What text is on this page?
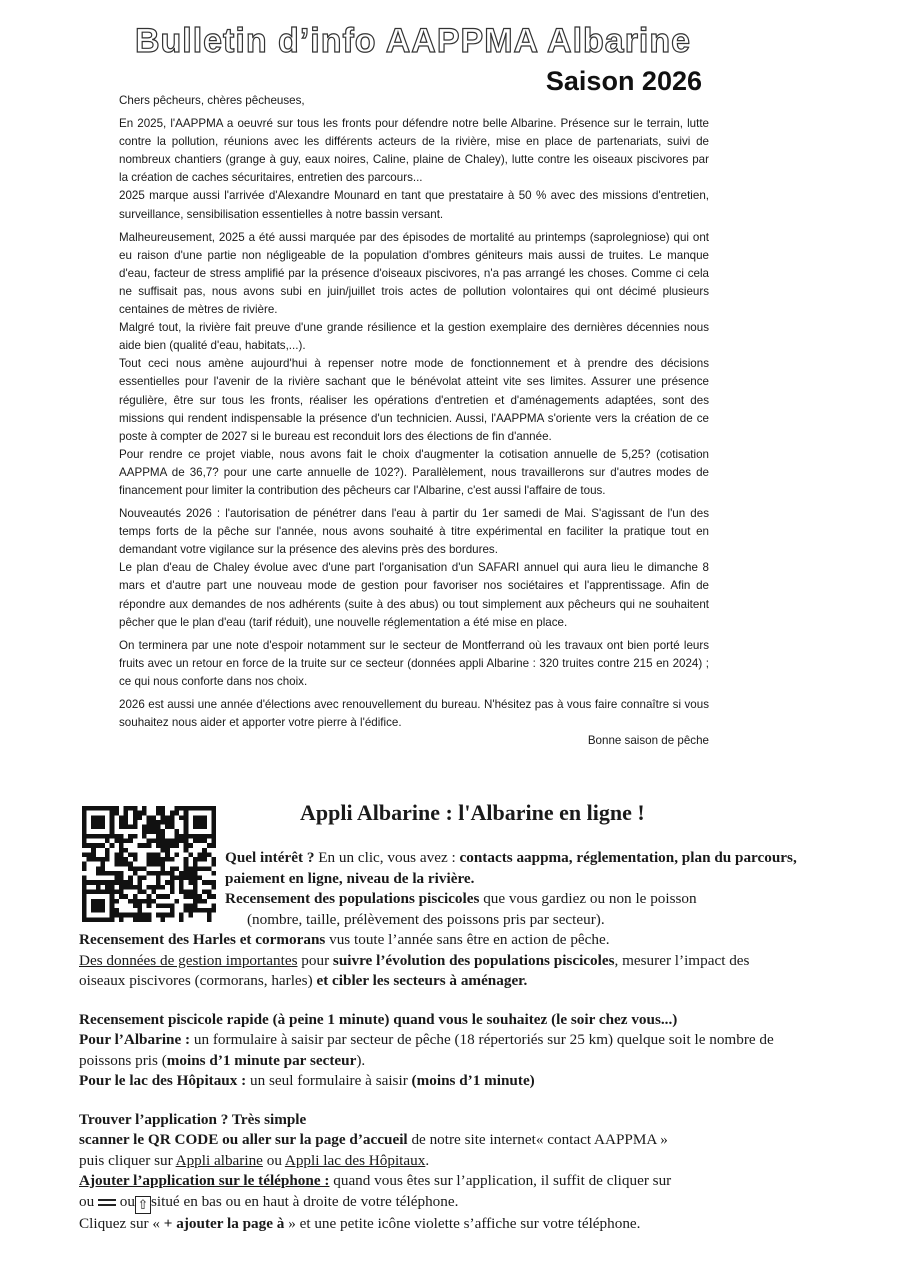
Bulletin d’info AAPPMA Albarine
Saison 2026

Chers pêcheurs, chères pêcheuses,

En 2025, l'AAPPMA a oeuvré sur tous les fronts pour défendre notre belle Albarine. Présence sur le terrain, lutte contre la pollution, réunions avec les différents acteurs de la rivière, mise en place de partenariats, suivi de nombreux chantiers (grange à guy, eaux noires, Caline, plaine de Chaley), lutte contre les oiseaux piscivores par la création de caches sécuritaires, entretien des parcours...

2025 marque aussi l'arrivée d'Alexandre Mounard en tant que prestataire à 50 % avec des missions d'entretien, surveillance, sensibilisation essentielles à notre bassin versant.

Malheureusement, 2025 a été aussi marquée par des épisodes de mortalité au printemps (saprolegniose) qui ont eu raison d'une partie non négligeable de la population d'ombres géniteurs mais aussi de truites. Le manque d'eau, facteur de stress amplifié par la présence d'oiseaux piscivores, n'a pas arrangé les choses. Comme ci cela ne suffisait pas, nous avons subi en juin/juillet trois actes de pollution volontaires qui ont décimé plusieurs centaines de mètres de rivière.

Malgré tout, la rivière fait preuve d'une grande résilience et la gestion exemplaire des dernières décennies nous aide bien (qualité d'eau, habitats,...).

Tout ceci nous amène aujourd'hui à repenser notre mode de fonctionnement et à prendre des décisions essentielles pour l'avenir de la rivière sachant que le bénévolat atteint vite ses limites. Assurer une présence régulière, être sur tous les fronts, réaliser les opérations d'entretien et d'aménagements adaptées, sont des missions qui rendent indispensable la présence d'un technicien. Aussi, l'AAPPMA s'oriente vers la création de ce poste à compter de 2027 si le bureau est reconduit lors des élections de fin d'année.

Pour rendre ce projet viable, nous avons fait le choix d'augmenter la cotisation annuelle de 5,25? (cotisation AAPPMA de 36,7? pour une carte annuelle de 102?). Parallèlement, nous travaillerons sur d'autres modes de financement pour limiter la contribution des pêcheurs car l'Albarine, c'est aussi l'affaire de tous.

Nouveautés 2026 : l'autorisation de pénétrer dans l'eau à partir du 1er samedi de Mai. S'agissant de l'un des temps forts de la pêche sur l'année, nous avons souhaité à titre expérimental en faciliter la pratique tout en demandant votre vigilance sur la présence des alevins près des bordures.

Le plan d'eau de Chaley évolue avec d'une part l'organisation d'un SAFARI annuel qui aura lieu le dimanche 8 mars et d'autre part une nouveau mode de gestion pour favoriser nos sociétaires et l'apprentissage. Afin de répondre aux demandes de nos adhérents (suite à des abus) ou tout simplement aux pêcheurs qui ne souhaitent pêcher que le plan d'eau (tarif réduit), une nouvelle réglementation a été mise en place.

On terminera par une note d'espoir notamment sur le secteur de Montferrand où les travaux ont bien porté leurs fruits avec un retour en force de la truite sur ce secteur (données appli Albarine : 320 truites contre 215 en 2024) ; ce qui nous conforte dans nos choix.

2026 est aussi une année d'élections avec renouvellement du bureau. N'hésitez pas à vous faire connaître si vous souhaitez nous aider et apporter votre pierre à l'édifice.

Bonne saison de pêche

Appli Albarine : l'Albarine en ligne !

Quel intérêt ? En un clic, vous avez : contacts aappma, réglementation, plan du parcours, paiement en ligne, niveau de la rivière.

Recensement des populations piscicoles que vous gardiez ou non le poisson

(nombre, taille, prélèvement des poissons pris par secteur).

Recensement des Harles et cormorans vus toute l’année sans être en action de pêche.

Des données de gestion importantes pour suivre l’évolution des populations piscicoles, mesurer l’impact des oiseaux piscivores (cormorans, harles) et cibler les secteurs à aménager.

Recensement piscicole rapide (à peine 1 minute) quand vous le souhaitez (le soir chez vous...)

Pour l’Albarine : un formulaire à saisir par secteur de pêche (18 répertoriés sur 25 km) quelque soit le nombre de poissons pris (moins d’1 minute par secteur).

Pour le lac des Hôpitaux : un seul formulaire à saisir (moins d’1 minute)

Trouver l’application ? Très simple

scanner le QR CODE ou aller sur la page d’accueil de notre site internet« contact AAPPMA »

puis cliquer sur Appli albarine ou Appli lac des Hôpitaux.

Ajouter l’application sur le téléphone : quand vous êtes sur l’application, il suffit de cliquer sur

ou
ou ⇧ situé en bas ou en haut à droite de votre téléphone.

Cliquez sur « + ajouter la page à » et une petite icône violette s’affiche sur votre téléphone.
